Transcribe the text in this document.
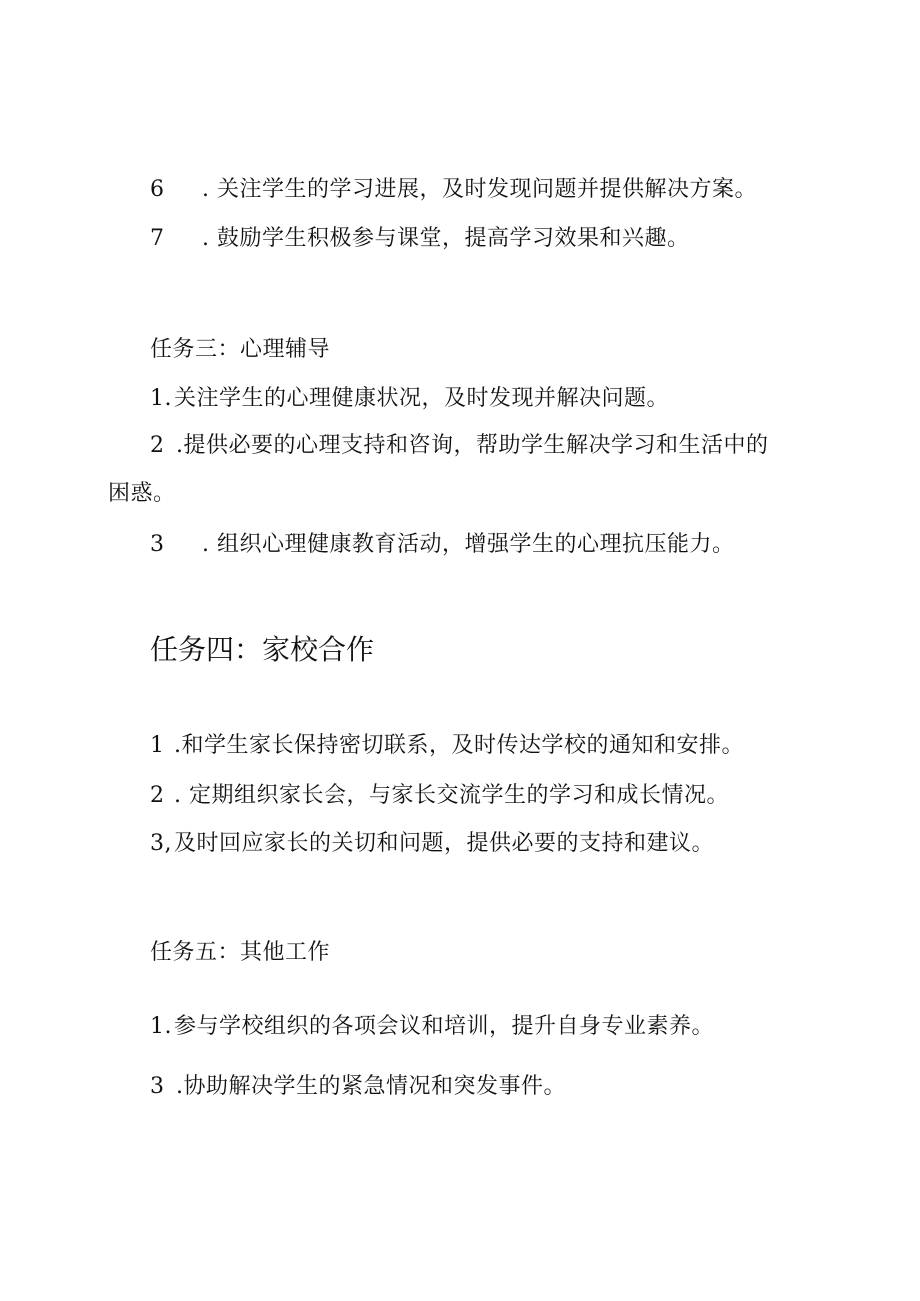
6 . 关注学生的学习进展，及时发现问题并提供解决方案。
7 . 鼓励学生积极参与课堂，提高学习效果和兴趣。
任务三：心理辅导
1.关注学生的心理健康状况，及时发现并解决问题。
2 .提供必要的心理支持和咨询，帮助学生解决学习和生活中的
困惑。
3 . 组织心理健康教育活动，增强学生的心理抗压能力。
任务四：家校合作
1 .和学生家长保持密切联系，及时传达学校的通知和安排。
2 . 定期组织家长会，与家长交流学生的学习和成长情况。
3,及时回应家长的关切和问题，提供必要的支持和建议。
任务五：其他工作
1.参与学校组织的各项会议和培训，提升自身专业素养。
3 .协助解决学生的紧急情况和突发事件。
